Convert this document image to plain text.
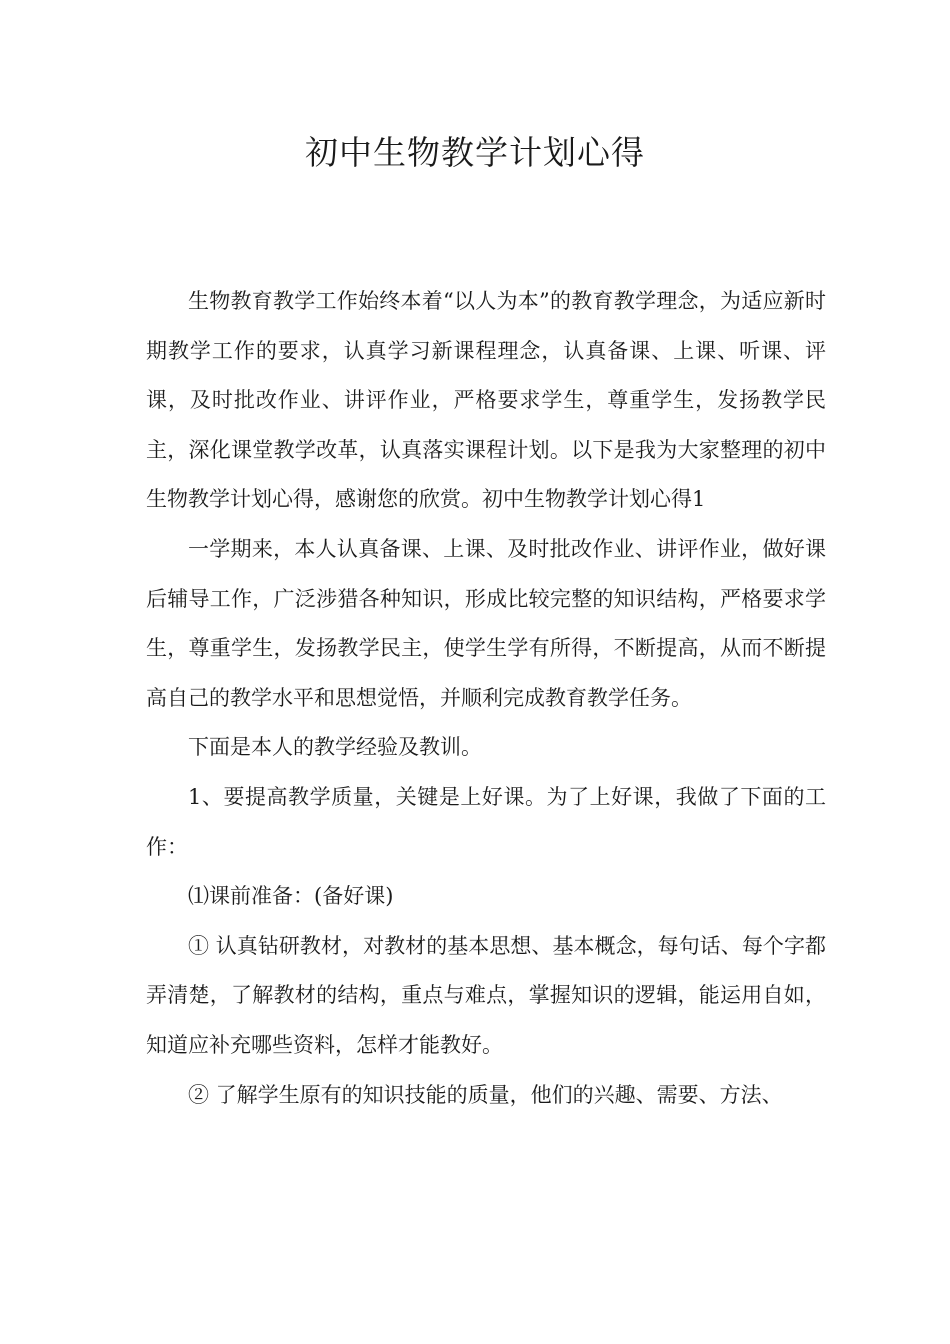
初中生物教学计划心得

生物教育教学工作始终本着“以人为本”的教育教学理念，为适应新时期教学工作的要求，认真学习新课程理念，认真备课、上课、听课、评课，及时批改作业、讲评作业，严格要求学生，尊重学生，发扬教学民主，深化课堂教学改革，认真落实课程计划。以下是我为大家整理的初中生物教学计划心得，感谢您的欣赏。初中生物教学计划心得1

一学期来，本人认真备课、上课、及时批改作业、讲评作业，做好课后辅导工作，广泛涉猎各种知识，形成比较完整的知识结构，严格要求学生，尊重学生，发扬教学民主，使学生学有所得，不断提高，从而不断提高自己的教学水平和思想觉悟，并顺利完成教育教学任务。

下面是本人的教学经验及教训。

1、要提高教学质量，关键是上好课。为了上好课，我做了下面的工作：

⑴课前准备：(备好课)

① 认真钻研教材，对教材的基本思想、基本概念，每句话、每个字都弄清楚，了解教材的结构，重点与难点，掌握知识的逻辑，能运用自如，知道应补充哪些资料，怎样才能教好。

② 了解学生原有的知识技能的质量，他们的兴趣、需要、方法、
